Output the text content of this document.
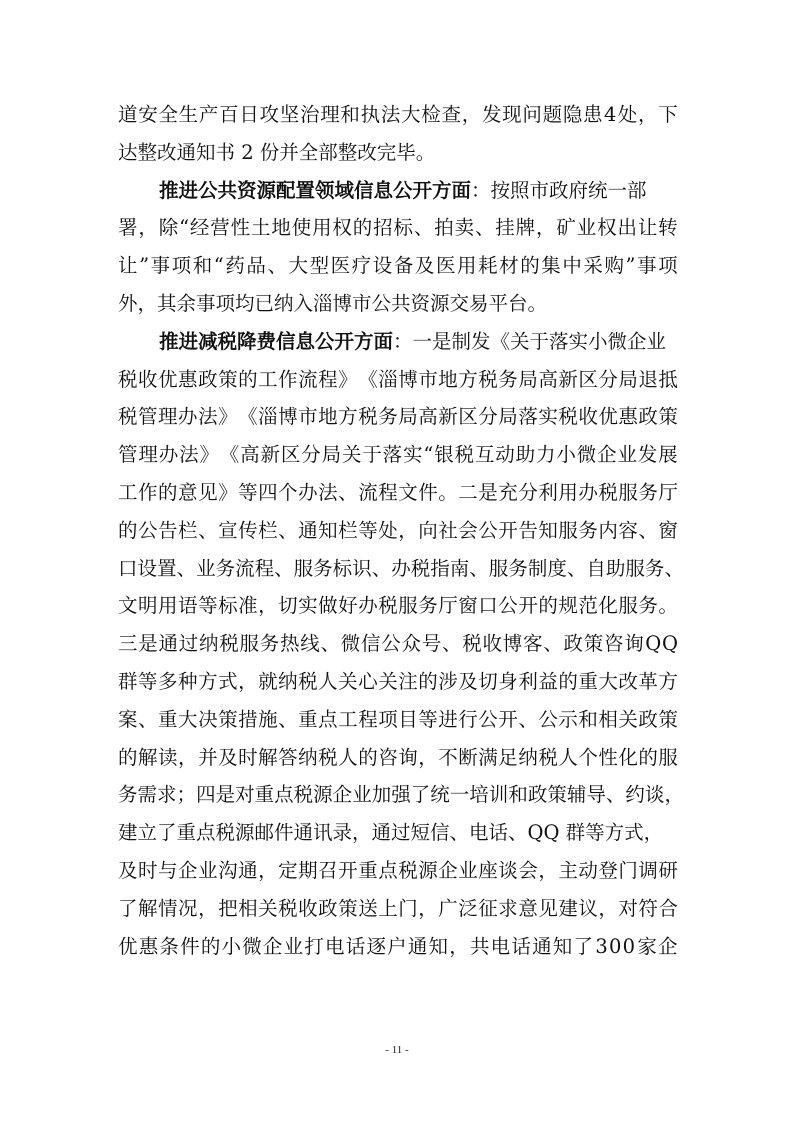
道 安 全 生 产 百 日 攻 坚 治 理 和 执 法 大 检 查 ， 发 现 问 题 隐 患 4 处 ， 下
达整改通知书 2 份并全部整改完毕。
推进公共资源配置领域信息公开方面：按照市政府统一部
署 ， 除 “ 经 营 性 土 地 使 用 权 的 招 标 、 拍 卖 、 挂 牌 ， 矿 业 权 出 让 转
让 ” 事 项 和 “ 药 品 、 大 型 医 疗 设 备 及 医 用 耗 材 的 集 中 采 购 ” 事 项
外，其余事项均已纳入淄博市公共资源交易平台。
推进减税降费信息公开方面：一是制发《关于落实小微企业
税 收 优 惠 政 策 的 工 作 流 程 》 《 淄 博 市 地 方 税 务 局 高 新 区 分 局 退 抵
税 管 理 办 法 》 《 淄 博 市 地 方 税 务 局 高 新 区 分 局 落 实 税 收 优 惠 政 策
管 理 办 法 》 《 高 新 区 分 局 关 于 落 实 “ 银 税 互 动 助 力 小 微 企 业 发 展
工 作 的 意 见 》 等 四 个 办 法 、 流 程 文 件 。 二 是 充 分 利 用 办 税 服 务 厅
的 公 告 栏 、 宣 传 栏 、 通 知 栏 等 处 ， 向 社 会 公 开 告 知 服 务 内 容 、 窗
口 设 置 、 业 务 流 程 、 服 务 标 识 、 办 税 指 南 、 服 务 制 度 、 自 助 服 务 、
文 明 用 语 等 标 准 ， 切 实 做 好 办 税 服 务 厅 窗 口 公 开 的 规 范 化 服 务 。
三 是 通 过 纳 税 服 务 热 线 、 微 信 公 众 号 、 税 收 博 客 、 政 策 咨 询 Q Q
群 等 多 种 方 式 ， 就 纳 税 人 关 心 关 注 的 涉 及 切 身 利 益 的 重 大 改 革 方
案 、 重 大 决 策 措 施 、 重 点 工 程 项 目 等 进 行 公 开 、 公 示 和 相 关 政 策
的 解 读 ， 并 及 时 解 答 纳 税 人 的 咨 询 ， 不 断 满 足 纳 税 人 个 性 化 的 服
务 需 求 ； 四 是 对 重 点 税 源 企 业 加 强 了 统 一 培 训 和 政 策 辅 导 、 约 谈 ，
建立了重点税源邮件通讯录，通过短信、电话、QQ 群等方式，
及 时 与 企 业 沟 通 ， 定 期 召 开 重 点 税 源 企 业 座 谈 会 ， 主 动 登 门 调 研
了 解 情 况 ， 把 相 关 税 收 政 策 送 上 门 ， 广 泛 征 求 意 见 建 议 ， 对 符 合
优 惠 条 件 的 小 微 企 业 打 电 话 逐 户 通 知 ， 共 电 话 通 知 了 3 0 0 家 企
- 11 -
